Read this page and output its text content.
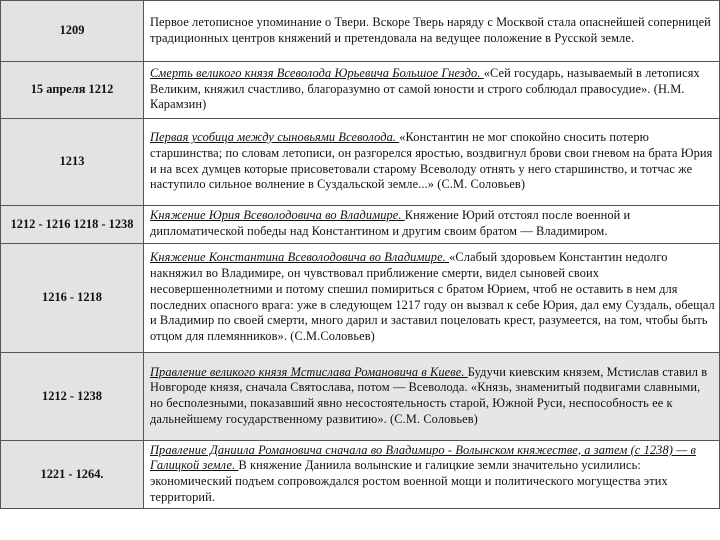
1209	Первое летописное упоминание о Твери. Вскоре Тверь наряду с Москвой стала опаснейшей соперницей традиционных центров княжений и претендовала на ведущее положение в Русской земле.
15 апреля 1212	Смерть великого князя Всеволода Юрьевича Большое Гнездо. «Сей государь, называемый в летописях Великим, княжил счастливо, благоразумно от самой юности и строго соблюдал правосудие». (Н.М. Карамзин)
1213	Первая усобица между сыновьями Всеволода. «Константин не мог спокойно сносить потерю старшинства; по словам летописи, он разгорелся яростью, воздвигнул брови свои гневом на брата Юрия и на всех думцев которые присоветовали старому Всеволоду отнять у него старшинство, и тотчас же наступило сильное волнение в Суздальской земле...» (С.М. Соловьев)
1212 - 1216 1218 - 1238	Княжение Юрия Всеволодовича во Владимире. Княжение Юрий отстоял после военной и дипломатической победы над Константином и другим своим братом — Владимиром.
1216 - 1218	Княжение Константина Всеволодовича во Владимире. «Слабый здоровьем Константин недолго накняжил во Владимире, он чувствовал приближение смерти, видел сыновей своих несовершеннолетними и потому спешил помириться с братом Юрием, чтоб не оставить в нем для последних опасного врага: уже в следующем 1217 году он вызвал к себе Юрия, дал ему Суздаль, обещал и Владимир по своей смерти, много дарил и заставил поцеловать крест, разумеется, на том, чтобы быть отцом для племянников». (С.М.Соловьев)
1212 - 1238	Правление великого князя Мстислава Романовича в Киеве. Будучи киевским князем, Мстислав ставил в Новгороде князя, сначала Святослава, потом — Всеволода. «Князь, знаменитый подвигами славными, но бесполезными, показавший явно несостоятельность старой, Южной Руси, неспособность ее к дальнейшему государственному развитию». (С.М. Соловьев)
1221 - 1264.	Правление Даниила Романовича сначала во Владимиро - Волынском княжестве, а затем (с 1238) — в Галицкой земле. В княжение Даниила волынские и галицкие земли значительно усилились: экономический подъем сопровождался ростом военной мощи и политического могущества этих территорий.
